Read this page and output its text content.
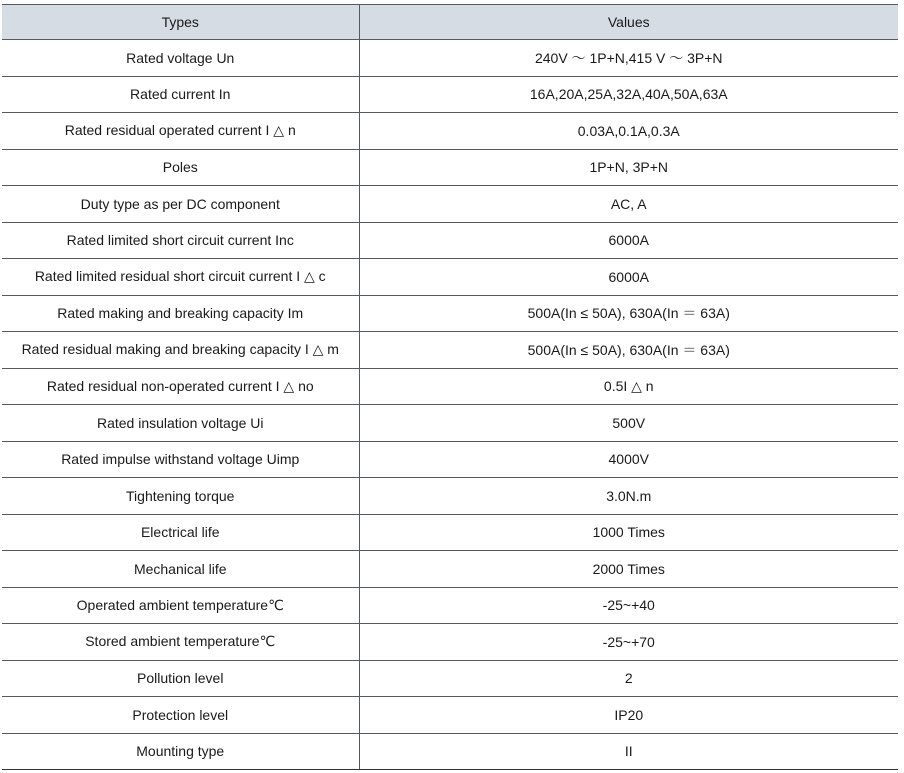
Types	Values
Rated voltage Un	240V ～ 1P+N,415 V ～ 3P+N
Rated current In	16A,20A,25A,32A,40A,50A,63A
Rated residual operated current I △ n	0.03A,0.1A,0.3A
Poles	1P+N, 3P+N
Duty type as per DC component	AC, A
Rated limited short circuit current Inc	6000A
Rated limited residual short circuit current I △ c	6000A
Rated making and breaking capacity Im	500A(In ≤ 50A), 630A(In ＝ 63A)
Rated residual making and breaking capacity I △ m	500A(In ≤ 50A), 630A(In ＝ 63A)
Rated residual non-operated current I △ no	0.5I △ n
Rated insulation voltage Ui	500V
Rated impulse withstand voltage Uimp	4000V
Tightening torque	3.0N.m
Electrical life	1000 Times
Mechanical life	2000 Times
Operated ambient temperature℃	-25~+40
Stored ambient temperature℃	-25~+70
Pollution level	2
Protection level	IP20
Mounting type	II
